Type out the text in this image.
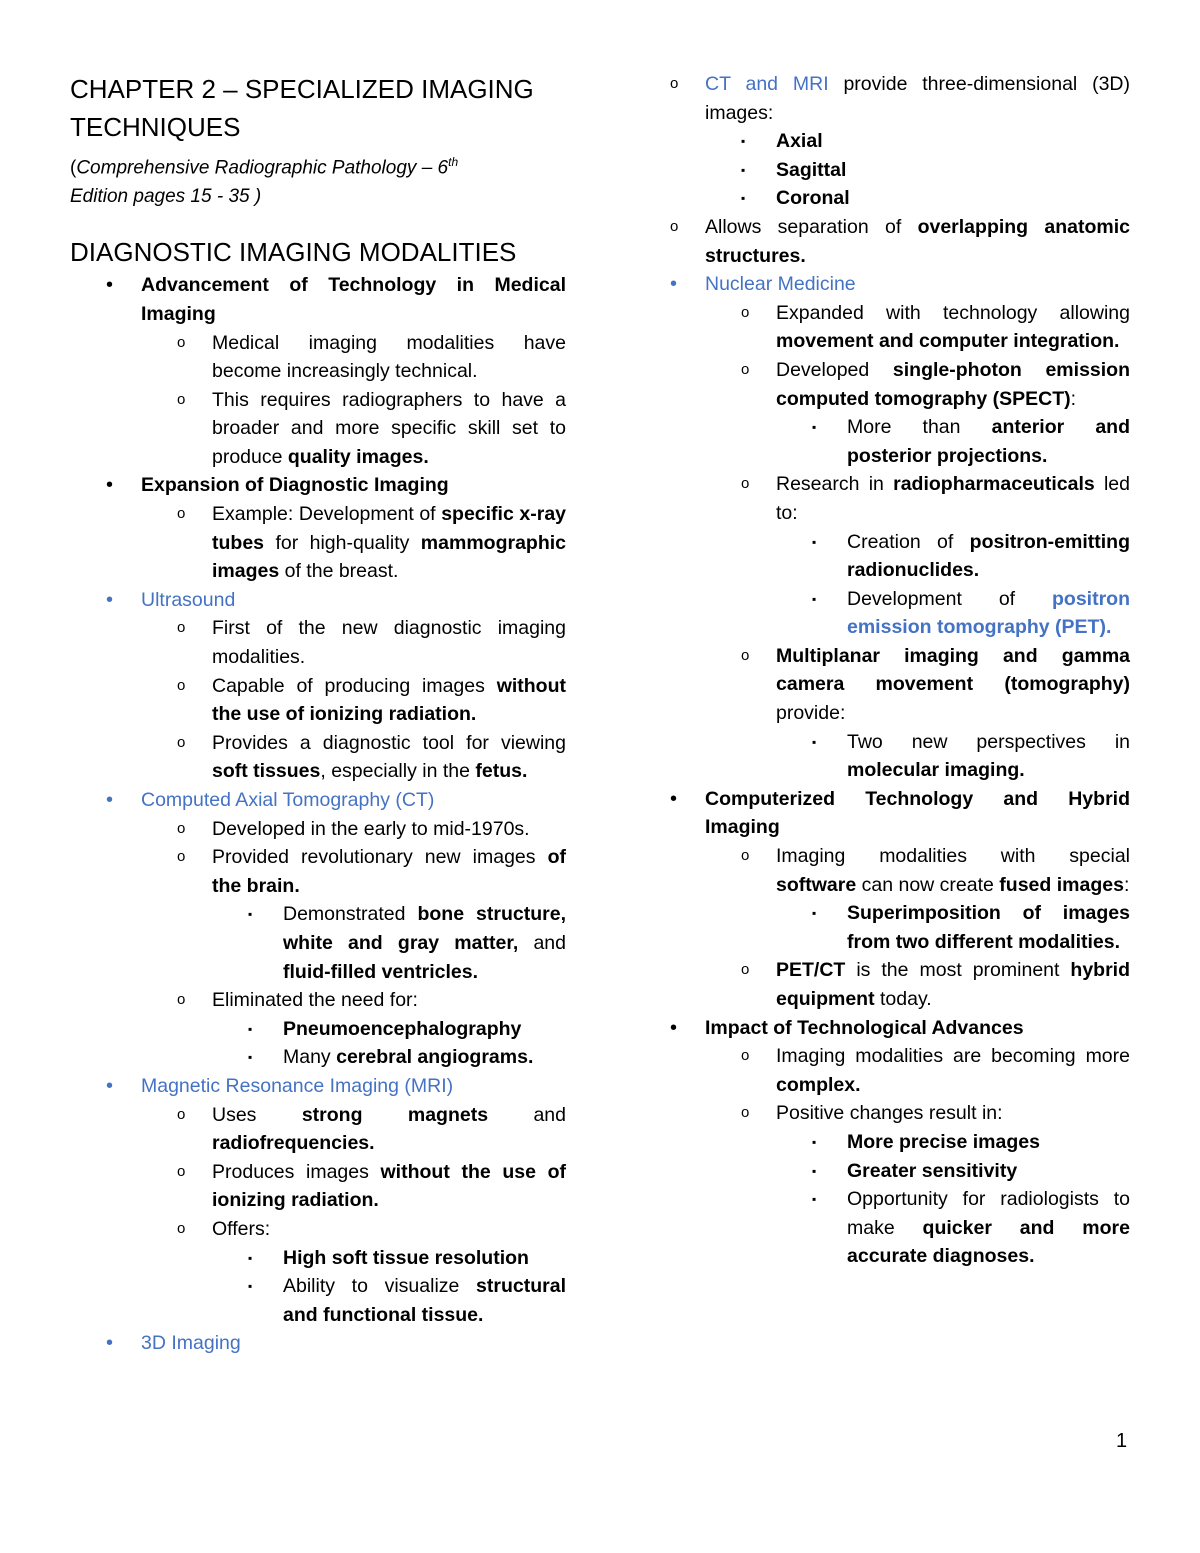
CHAPTER 2 – SPECIALIZED IMAGING
TECHNIQUES

(Comprehensive Radiographic Pathology – 6th
Edition pages 15 - 35 )

DIAGNOSTIC IMAGING MODALITIES
•	Advancement of Technology in Medical Imaging
o	Medical imaging modalities have become increasingly technical.
o	This requires radiographers to have a broader and more specific skill set to produce quality images.
•	Expansion of Diagnostic Imaging
o	Example: Development of specific x-ray tubes for high-quality mammographic images of the breast.
•	Ultrasound
o	First of the new diagnostic imaging modalities.
o	Capable of producing images without the use of ionizing radiation.
o	Provides a diagnostic tool for viewing soft tissues, especially in the fetus.
•	Computed Axial Tomography (CT)
o	Developed in the early to mid-1970s.
o	Provided revolutionary new images of the brain.
▪	Demonstrated bone structure, white and gray matter, and fluid-filled ventricles.
o	Eliminated the need for:
▪	Pneumoencephalography
▪	Many cerebral angiograms.
•	Magnetic Resonance Imaging (MRI)
o	Uses strong magnets and radiofrequencies.
o	Produces images without the use of ionizing radiation.
o	Offers:
▪	High soft tissue resolution
▪	Ability to visualize structural and functional tissue.
•	3D Imaging
o	CT and MRI provide three-dimensional (3D) images:
▪	Axial
▪	Sagittal
▪	Coronal
o	Allows separation of overlapping anatomic structures.
•	Nuclear Medicine
o	Expanded with technology allowing movement and computer integration.
o	Developed single-photon emission computed tomography (SPECT):
▪	More than anterior and posterior projections.
o	Research in radiopharmaceuticals led to:
▪	Creation of positron-emitting radionuclides.
▪	Development of positron emission tomography (PET).
o	Multiplanar imaging and gamma camera movement (tomography) provide:
▪	Two new perspectives in molecular imaging.
•	Computerized Technology and Hybrid Imaging
o	Imaging modalities with special software can now create fused images:
▪	Superimposition of images from two different modalities.
o	PET/CT is the most prominent hybrid equipment today.
•	Impact of Technological Advances
o	Imaging modalities are becoming more complex.
o	Positive changes result in:
▪	More precise images
▪	Greater sensitivity
▪	Opportunity for radiologists to make quicker and more accurate diagnoses.
1
